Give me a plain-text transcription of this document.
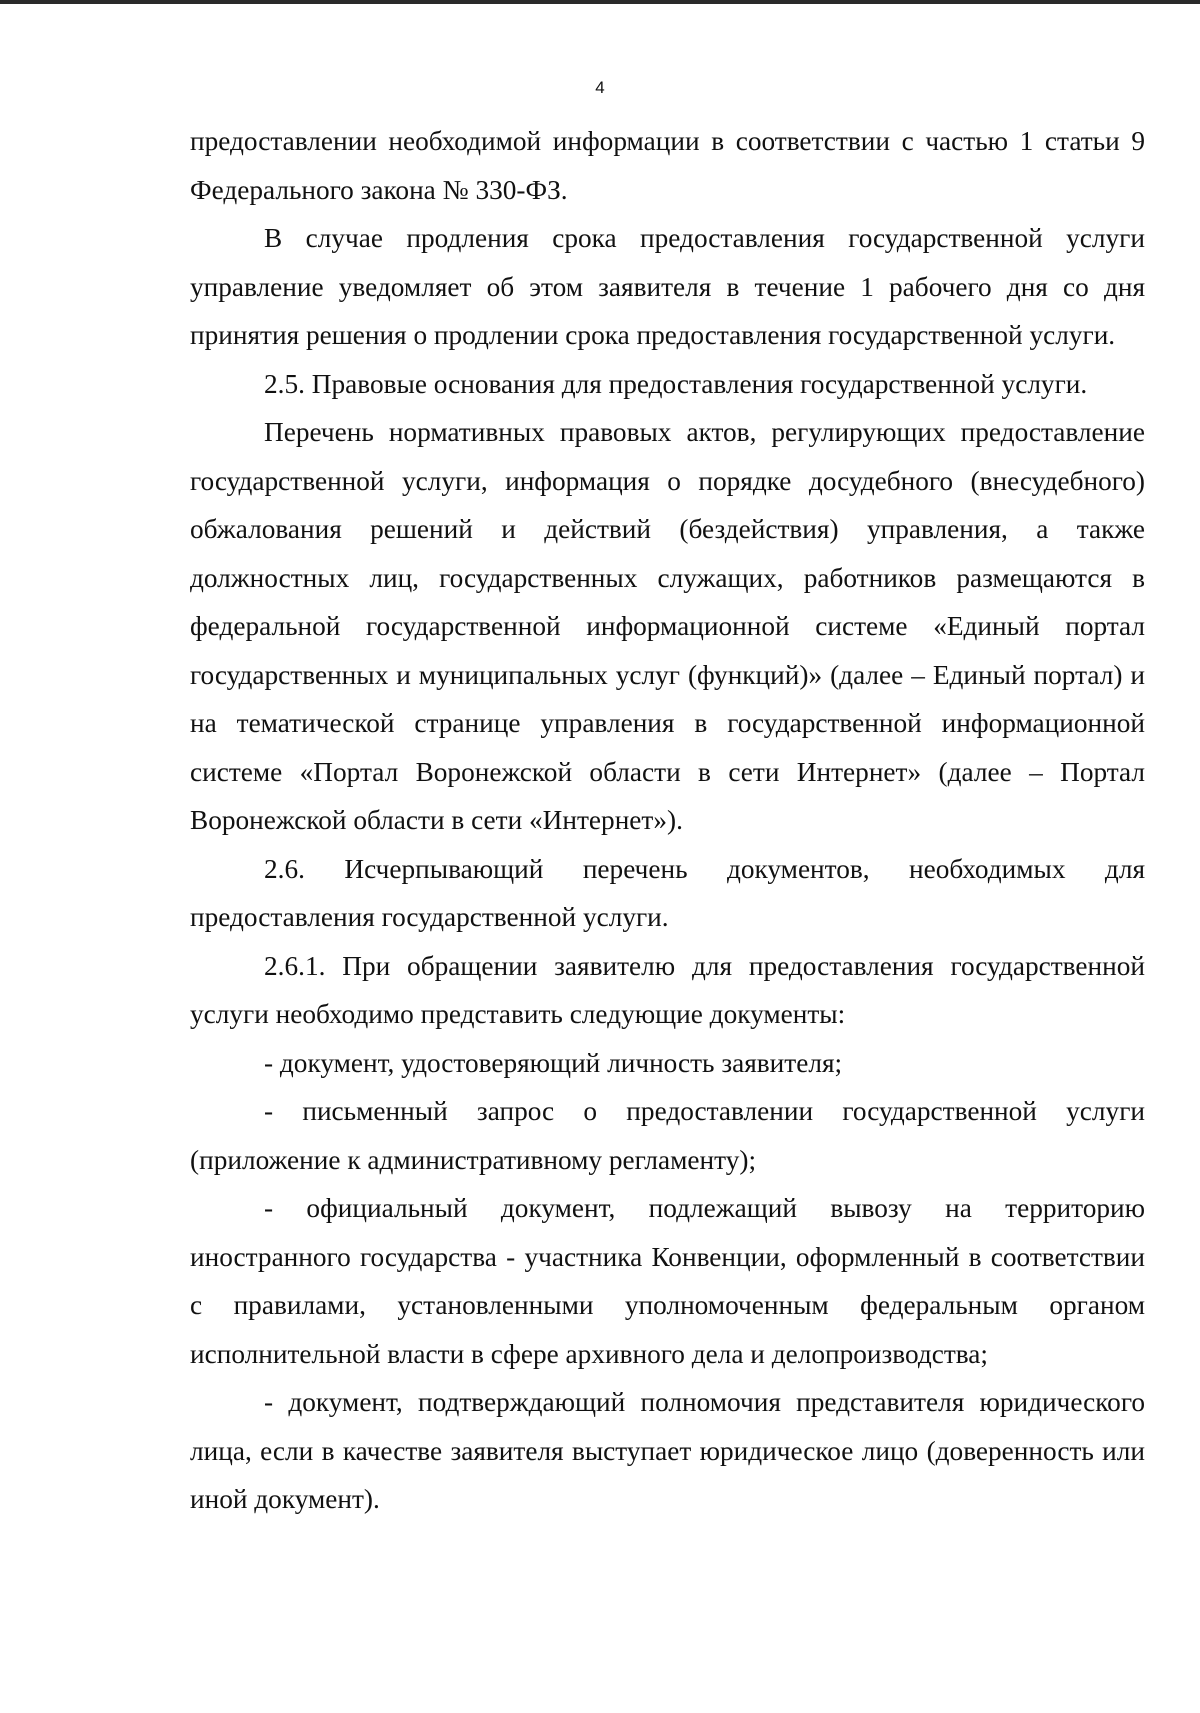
4

предоставлении необходимой информации в соответствии с частью 1 статьи 9 Федерального закона № 330-ФЗ.

В случае продления срока предоставления государственной услуги управление уведомляет об этом заявителя в течение 1 рабочего дня со дня принятия решения о продлении срока предоставления государственной услуги.

2.5. Правовые основания для предоставления государственной услуги.

Перечень нормативных правовых актов, регулирующих предоставление государственной услуги, информация о порядке досудебного (внесудебного) обжалования решений и действий (бездействия) управления, а также должностных лиц, государственных служащих, работников размещаются в федеральной государственной информационной системе «Единый портал государственных и муниципальных услуг (функций)» (далее – Единый портал) и на тематической странице управления в государственной информационной системе «Портал Воронежской области в сети Интернет» (далее – Портал Воронежской области в сети «Интернет»).

2.6. Исчерпывающий перечень документов, необходимых для предоставления государственной услуги.

2.6.1. При обращении заявителю для предоставления государственной услуги необходимо представить следующие документы:

- документ, удостоверяющий личность заявителя;

- письменный запрос о предоставлении государственной услуги (приложение к административному регламенту);

- официальный документ, подлежащий вывозу на территорию иностранного государства - участника Конвенции, оформленный в соответствии с правилами, установленными уполномоченным федеральным органом исполнительной власти в сфере архивного дела и делопроизводства;

- документ, подтверждающий полномочия представителя юридического лица, если в качестве заявителя выступает юридическое лицо (доверенность или иной документ).
